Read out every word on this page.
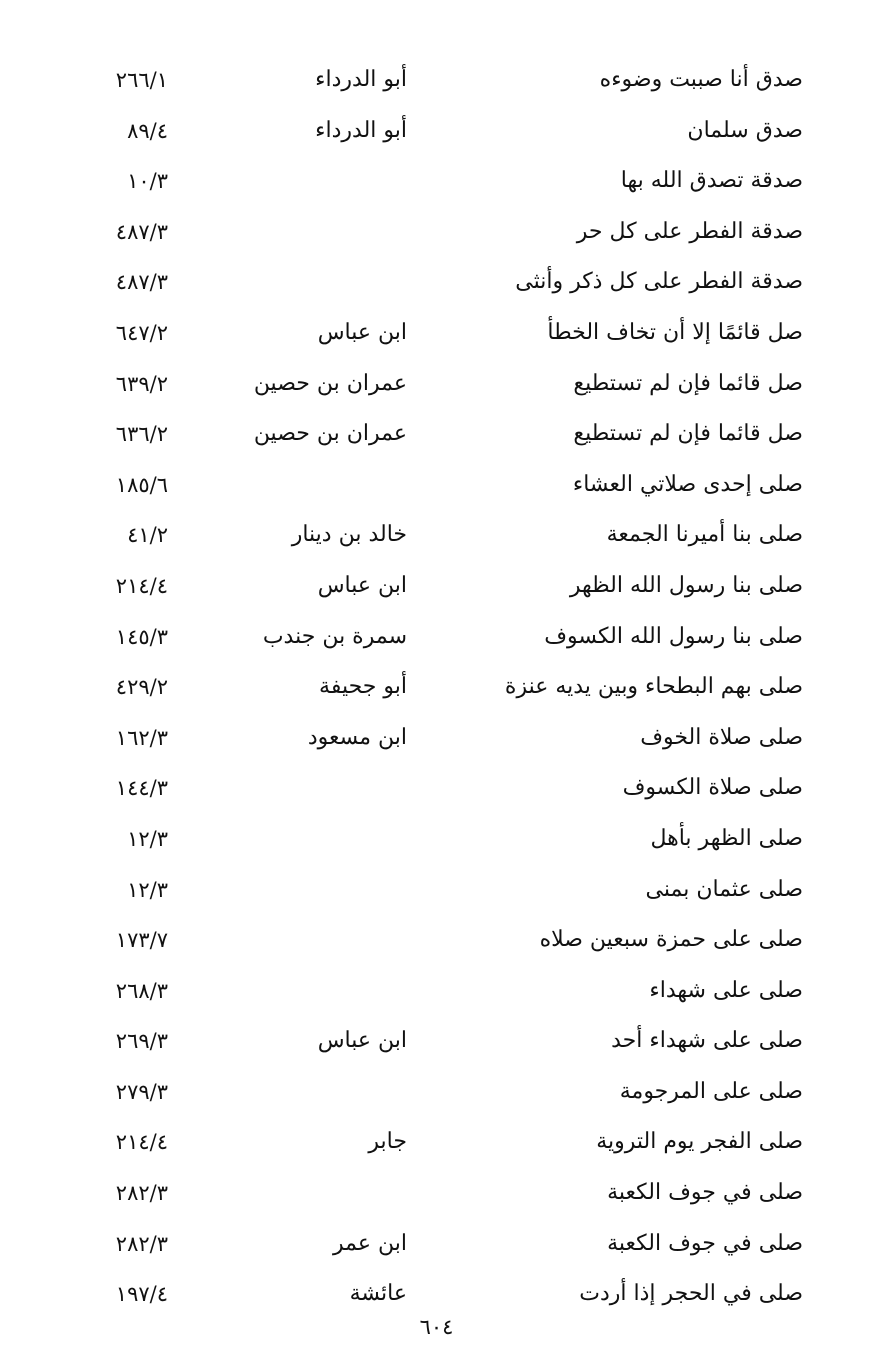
صدق أنا صببت وضوءه
أبو الدرداء
٢٦٦/١
صدق سلمان
أبو الدرداء
٨٩/٤
صدقة تصدق الله بها
١٠/٣
صدقة الفطر على كل حر
٤٨٧/٣
صدقة الفطر على كل ذكر وأنثى
٤٨٧/٣
صل قائمًا إلا أن تخاف الخطأ
ابن عباس
٦٤٧/٢
صل قائما فإن لم تستطيع
عمران بن حصين
٦٣٩/٢
صل قائما فإن لم تستطيع
عمران بن حصين
٦٣٦/٢
صلى إحدى صلاتي العشاء
١٨٥/٦
صلى بنا أميرنا الجمعة
خالد بن دينار
٤١/٢
صلى بنا رسول الله الظهر
ابن عباس
٢١٤/٤
صلى بنا رسول الله الكسوف
سمرة بن جندب
١٤٥/٣
صلى بهم البطحاء وبين يديه عنزة
أبو جحيفة
٤٢٩/٢
صلى صلاة الخوف
ابن مسعود
١٦٢/٣
صلى صلاة الكسوف
١٤٤/٣
صلى الظهر بأهل
١٢/٣
صلى عثمان بمنى
١٢/٣
صلى على حمزة سبعين صلاه
١٧٣/٧
صلى على شهداء
٢٦٨/٣
صلى على شهداء أحد
ابن عباس
٢٦٩/٣
صلى على المرجومة
٢٧٩/٣
صلى الفجر يوم التروية
جابر
٢١٤/٤
صلى في جوف الكعبة
٢٨٢/٣
صلى في جوف الكعبة
ابن عمر
٢٨٢/٣
صلى في الحجر إذا أردت
عائشة
١٩٧/٤
٦٠٤
